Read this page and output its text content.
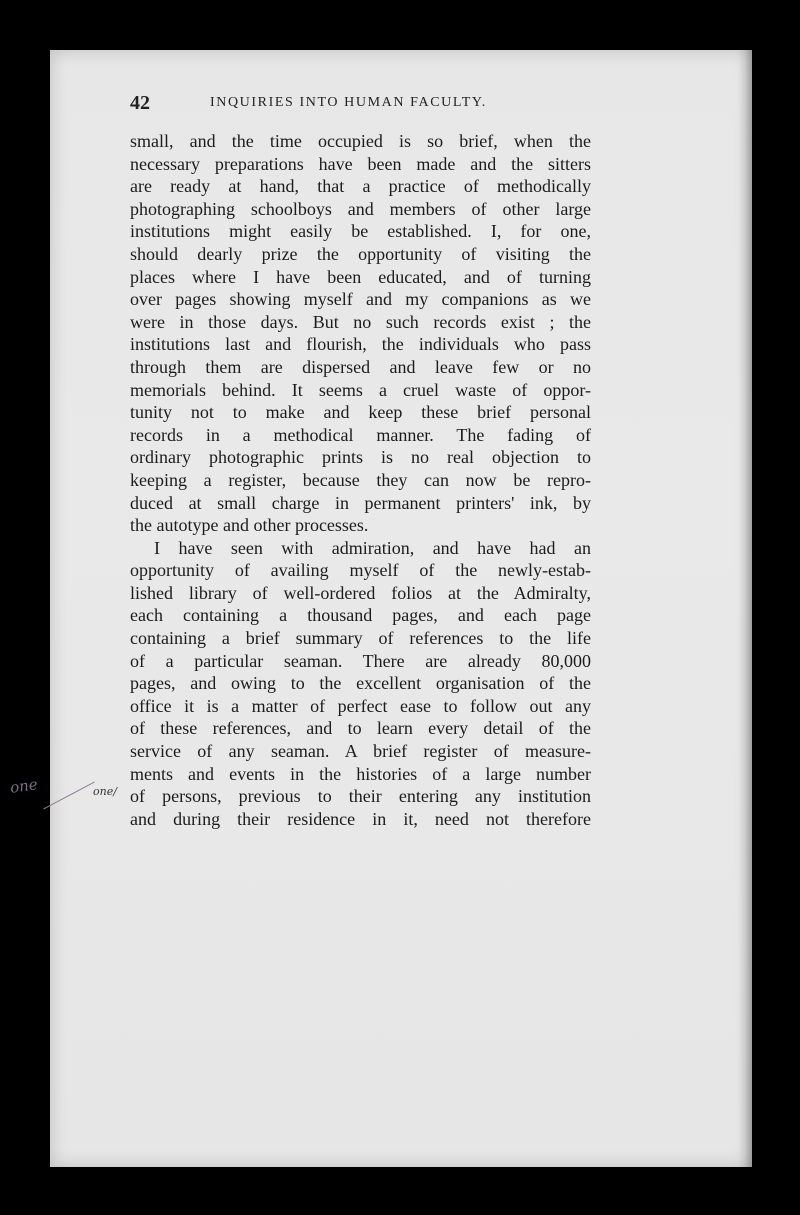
42	INQUIRIES INTO HUMAN FACULTY.
small, and the time occupied is so brief, when the
necessary preparations have been made and the sitters
are ready at hand, that a practice of methodically
photographing schoolboys and members of other large
institutions might easily be established. I, for one,
should dearly prize the opportunity of visiting the
places where I have been educated, and of turning
over pages showing myself and my companions as we
were in those days. But no such records exist ; the
institutions last and flourish, the individuals who pass
through them are dispersed and leave few or no
memorials behind. It seems a cruel waste of oppor-
tunity not to make and keep these brief personal
records in a methodical manner. The fading of
ordinary photographic prints is no real objection to
keeping a register, because they can now be repro-
duced at small charge in permanent printers' ink, by
the autotype and other processes.
I have seen with admiration, and have had an
opportunity of availing myself of the newly-estab-
lished library of well-ordered folios at the Admiralty,
each containing a thousand pages, and each page
containing a brief summary of references to the life
of a particular seaman. There are already 80,000
pages, and owing to the excellent organisation of the
office it is a matter of perfect ease to follow out any
of these references, and to learn every detail of the
service of any seaman. A brief register of measure-
ments and events in the histories of a large number
of persons, previous to their entering any institution
and during their residence in it, need not therefore
one	one/
